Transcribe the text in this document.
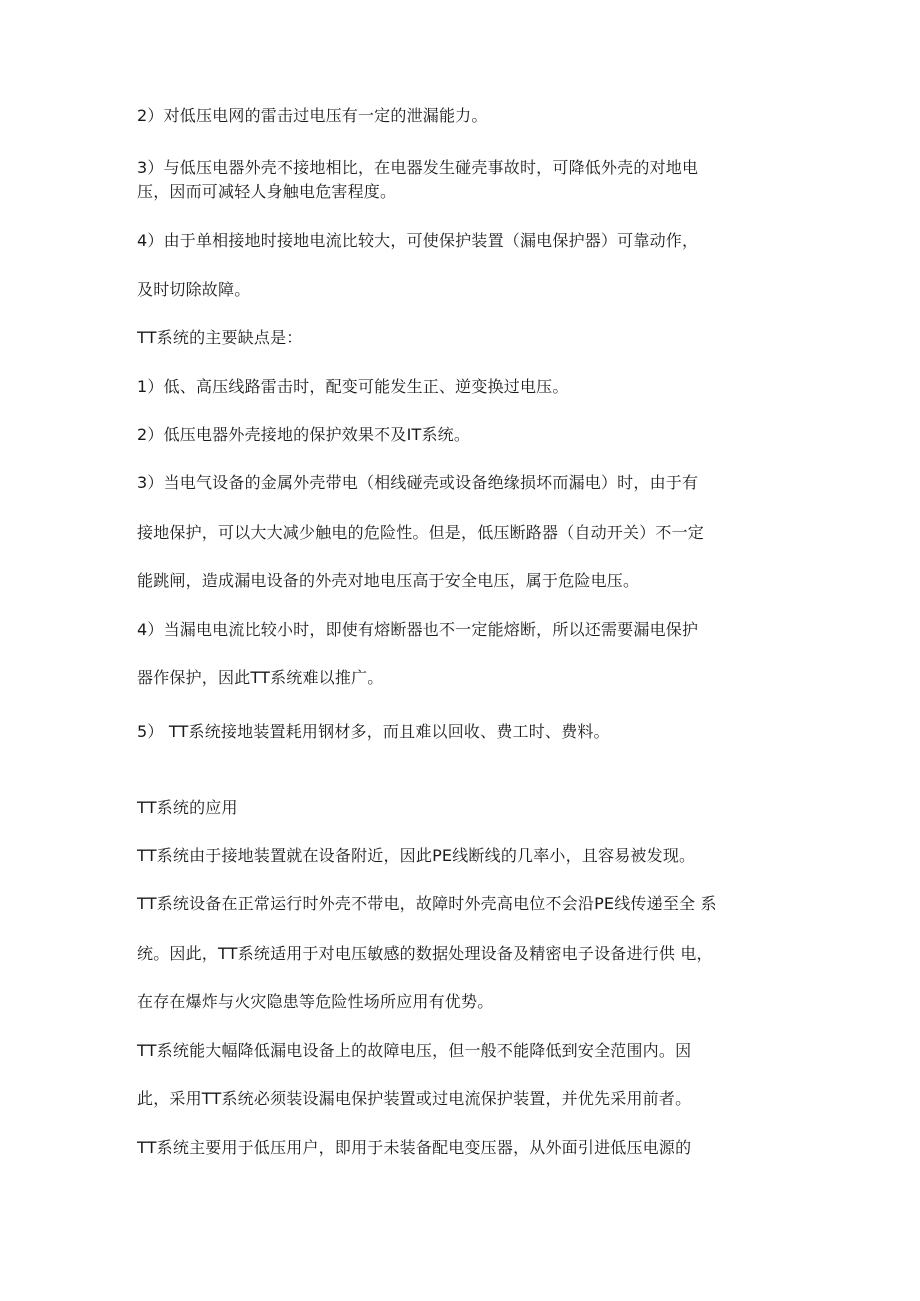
2）对低压电网的雷击过电压有一定的泄漏能力。

3）与低压电器外壳不接地相比，在电器发生碰壳事故时，可降低外壳的对地电

压，因而可减轻人身触电危害程度。

4）由于单相接地时接地电流比较大，可使保护装置（漏电保护器）可靠动作，

及时切除故障。

TT系统的主要缺点是：

1）低、高压线路雷击时，配变可能发生正、逆变换过电压。

2）低压电器外壳接地的保护效果不及IT系统。

3）当电气设备的金属外壳带电（相线碰壳或设备绝缘损坏而漏电）时，由于有

接地保护，可以大大减少触电的危险性。但是，低压断路器（自动开关）不一定

能跳闸，造成漏电设备的外壳对地电压高于安全电压，属于危险电压。

4）当漏电电流比较小时，即使有熔断器也不一定能熔断，所以还需要漏电保护

器作保护，因此TT系统难以推广。

5） TT系统接地装置耗用钢材多，而且难以回收、费工时、费料。

TT系统的应用

TT系统由于接地装置就在设备附近，因此PE线断线的几率小，且容易被发现。

TT系统设备在正常运行时外壳不带电，故障时外壳高电位不会沿PE线传递至全 系

统。因此，TT系统适用于对电压敏感的数据处理设备及精密电子设备进行供 电，

在存在爆炸与火灾隐患等危险性场所应用有优势。

TT系统能大幅降低漏电设备上的故障电压，但一般不能降低到安全范围内。因

此，采用TT系统必须装设漏电保护装置或过电流保护装置，并优先采用前者。

TT系统主要用于低压用户，即用于未装备配电变压器，从外面引进低压电源的
